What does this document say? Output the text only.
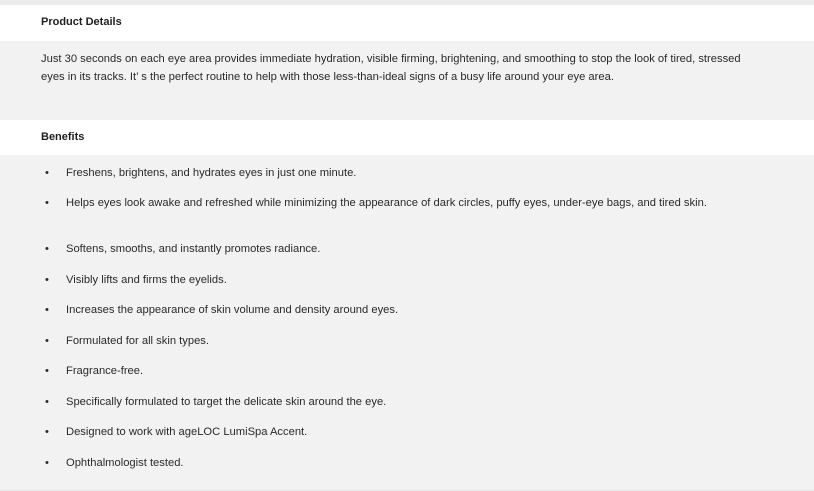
Product Details
Just 30 seconds on each eye area provides immediate hydration, visible firming, brightening, and smoothing to stop the look of tired, stressed eyes in its tracks. It’ s the perfect routine to help with those less-than-ideal signs of a busy life around your eye area.
Benefits
• Freshens, brightens, and hydrates eyes in just one minute.
• Helps eyes look awake and refreshed while minimizing the appearance of dark circles, puffy eyes, under-eye bags, and tired skin.
• Softens, smooths, and instantly promotes radiance.
• Visibly lifts and firms the eyelids.
• Increases the appearance of skin volume and density around eyes.
• Formulated for all skin types.
• Fragrance-free.
• Specifically formulated to target the delicate skin around the eye.
• Designed to work with ageLOC LumiSpa Accent.
• Ophthalmologist tested.
